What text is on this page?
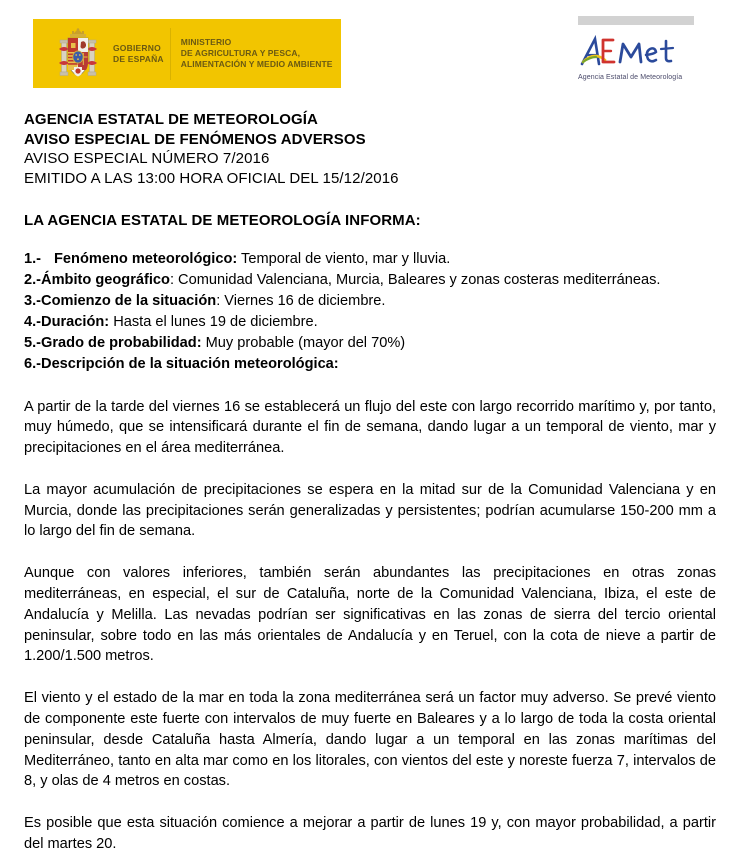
GOBIERNO
DE ESPAÑA
MINISTERIO
DE AGRICULTURA Y PESCA,
ALIMENTACIÓN Y MEDIO AMBIENTE
Agencia Estatal de Meteorología
AGENCIA ESTATAL DE METEOROLOGÍA
AVISO ESPECIAL DE FENÓMENOS ADVERSOS
AVISO ESPECIAL NÚMERO 7/2016
EMITIDO A LAS 13:00 HORA OFICIAL DEL 15/12/2016
LA AGENCIA ESTATAL DE METEOROLOGÍA INFORMA:
1.- Fenómeno meteorológico: Temporal de viento, mar y lluvia.
2.- Ámbito geográfico: Comunidad Valenciana, Murcia, Baleares y zonas costeras mediterráneas.
3.- Comienzo de la situación: Viernes 16 de diciembre.
4.- Duración: Hasta el lunes 19 de diciembre.
5.- Grado de probabilidad: Muy probable (mayor del 70%)
6.- Descripción de la situación meteorológica:

A partir de la tarde del viernes 16 se establecerá un flujo del este con largo recorrido marítimo y, por tanto, muy húmedo, que se intensificará durante el fin de semana, dando lugar a un temporal de viento, mar y precipitaciones en el área mediterránea.

La mayor acumulación de precipitaciones se espera en la mitad sur de la Comunidad Valenciana y en Murcia, donde las precipitaciones serán generalizadas y persistentes; podrían acumularse 150-200 mm a lo largo del fin de semana.

Aunque con valores inferiores, también serán abundantes las precipitaciones en otras zonas mediterráneas, en especial, el sur de Cataluña, norte de la Comunidad Valenciana, Ibiza, el este de Andalucía y Melilla. Las nevadas podrían ser significativas en las zonas de sierra del tercio oriental peninsular, sobre todo en las más orientales de Andalucía y en Teruel, con la cota de nieve a partir de 1.200/1.500 metros.

El viento y el estado de la mar en toda la zona mediterránea será un factor muy adverso. Se prevé viento de componente este fuerte con intervalos de muy fuerte en Baleares y a lo largo de toda la costa oriental peninsular, desde Cataluña hasta Almería, dando lugar a un temporal en las zonas marítimas del Mediterráneo, tanto en alta mar como en los litorales, con vientos del este y noreste fuerza 7, intervalos de 8, y olas de 4 metros en costas.

Es posible que esta situación comience a mejorar a partir de lunes 19 y, con mayor probabilidad, a partir del martes 20.
